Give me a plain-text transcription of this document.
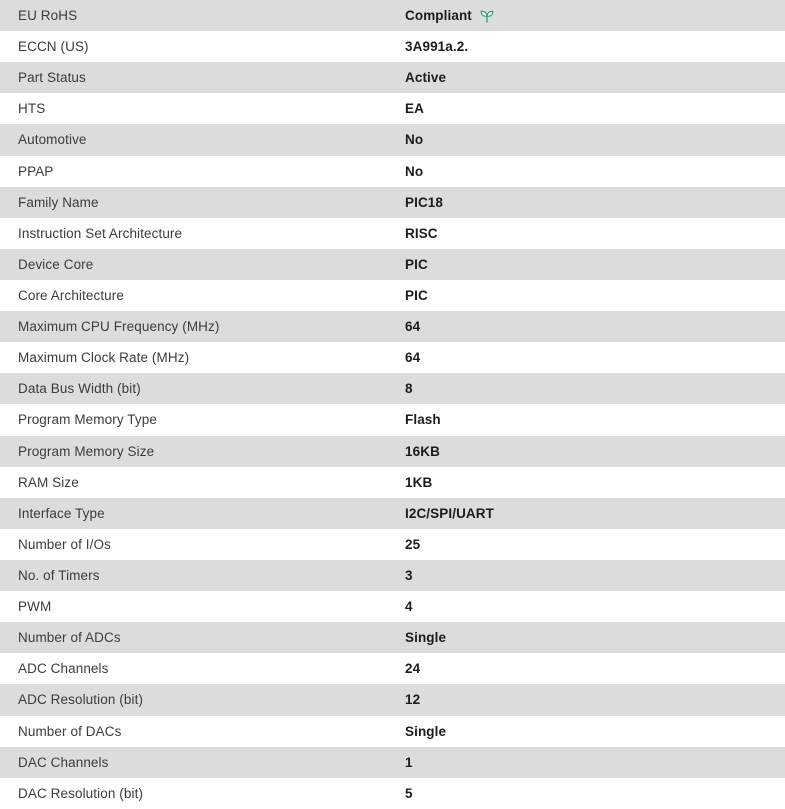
EU RoHS	Compliant
ECCN (US)	3A991a.2.
Part Status	Active
HTS	EA
Automotive	No
PPAP	No
Family Name	PIC18
Instruction Set Architecture	RISC
Device Core	PIC
Core Architecture	PIC
Maximum CPU Frequency (MHz)	64
Maximum Clock Rate (MHz)	64
Data Bus Width (bit)	8
Program Memory Type	Flash
Program Memory Size	16KB
RAM Size	1KB
Interface Type	I2C/SPI/UART
Number of I/Os	25
No. of Timers	3
PWM	4
Number of ADCs	Single
ADC Channels	24
ADC Resolution (bit)	12
Number of DACs	Single
DAC Channels	1
DAC Resolution (bit)	5
